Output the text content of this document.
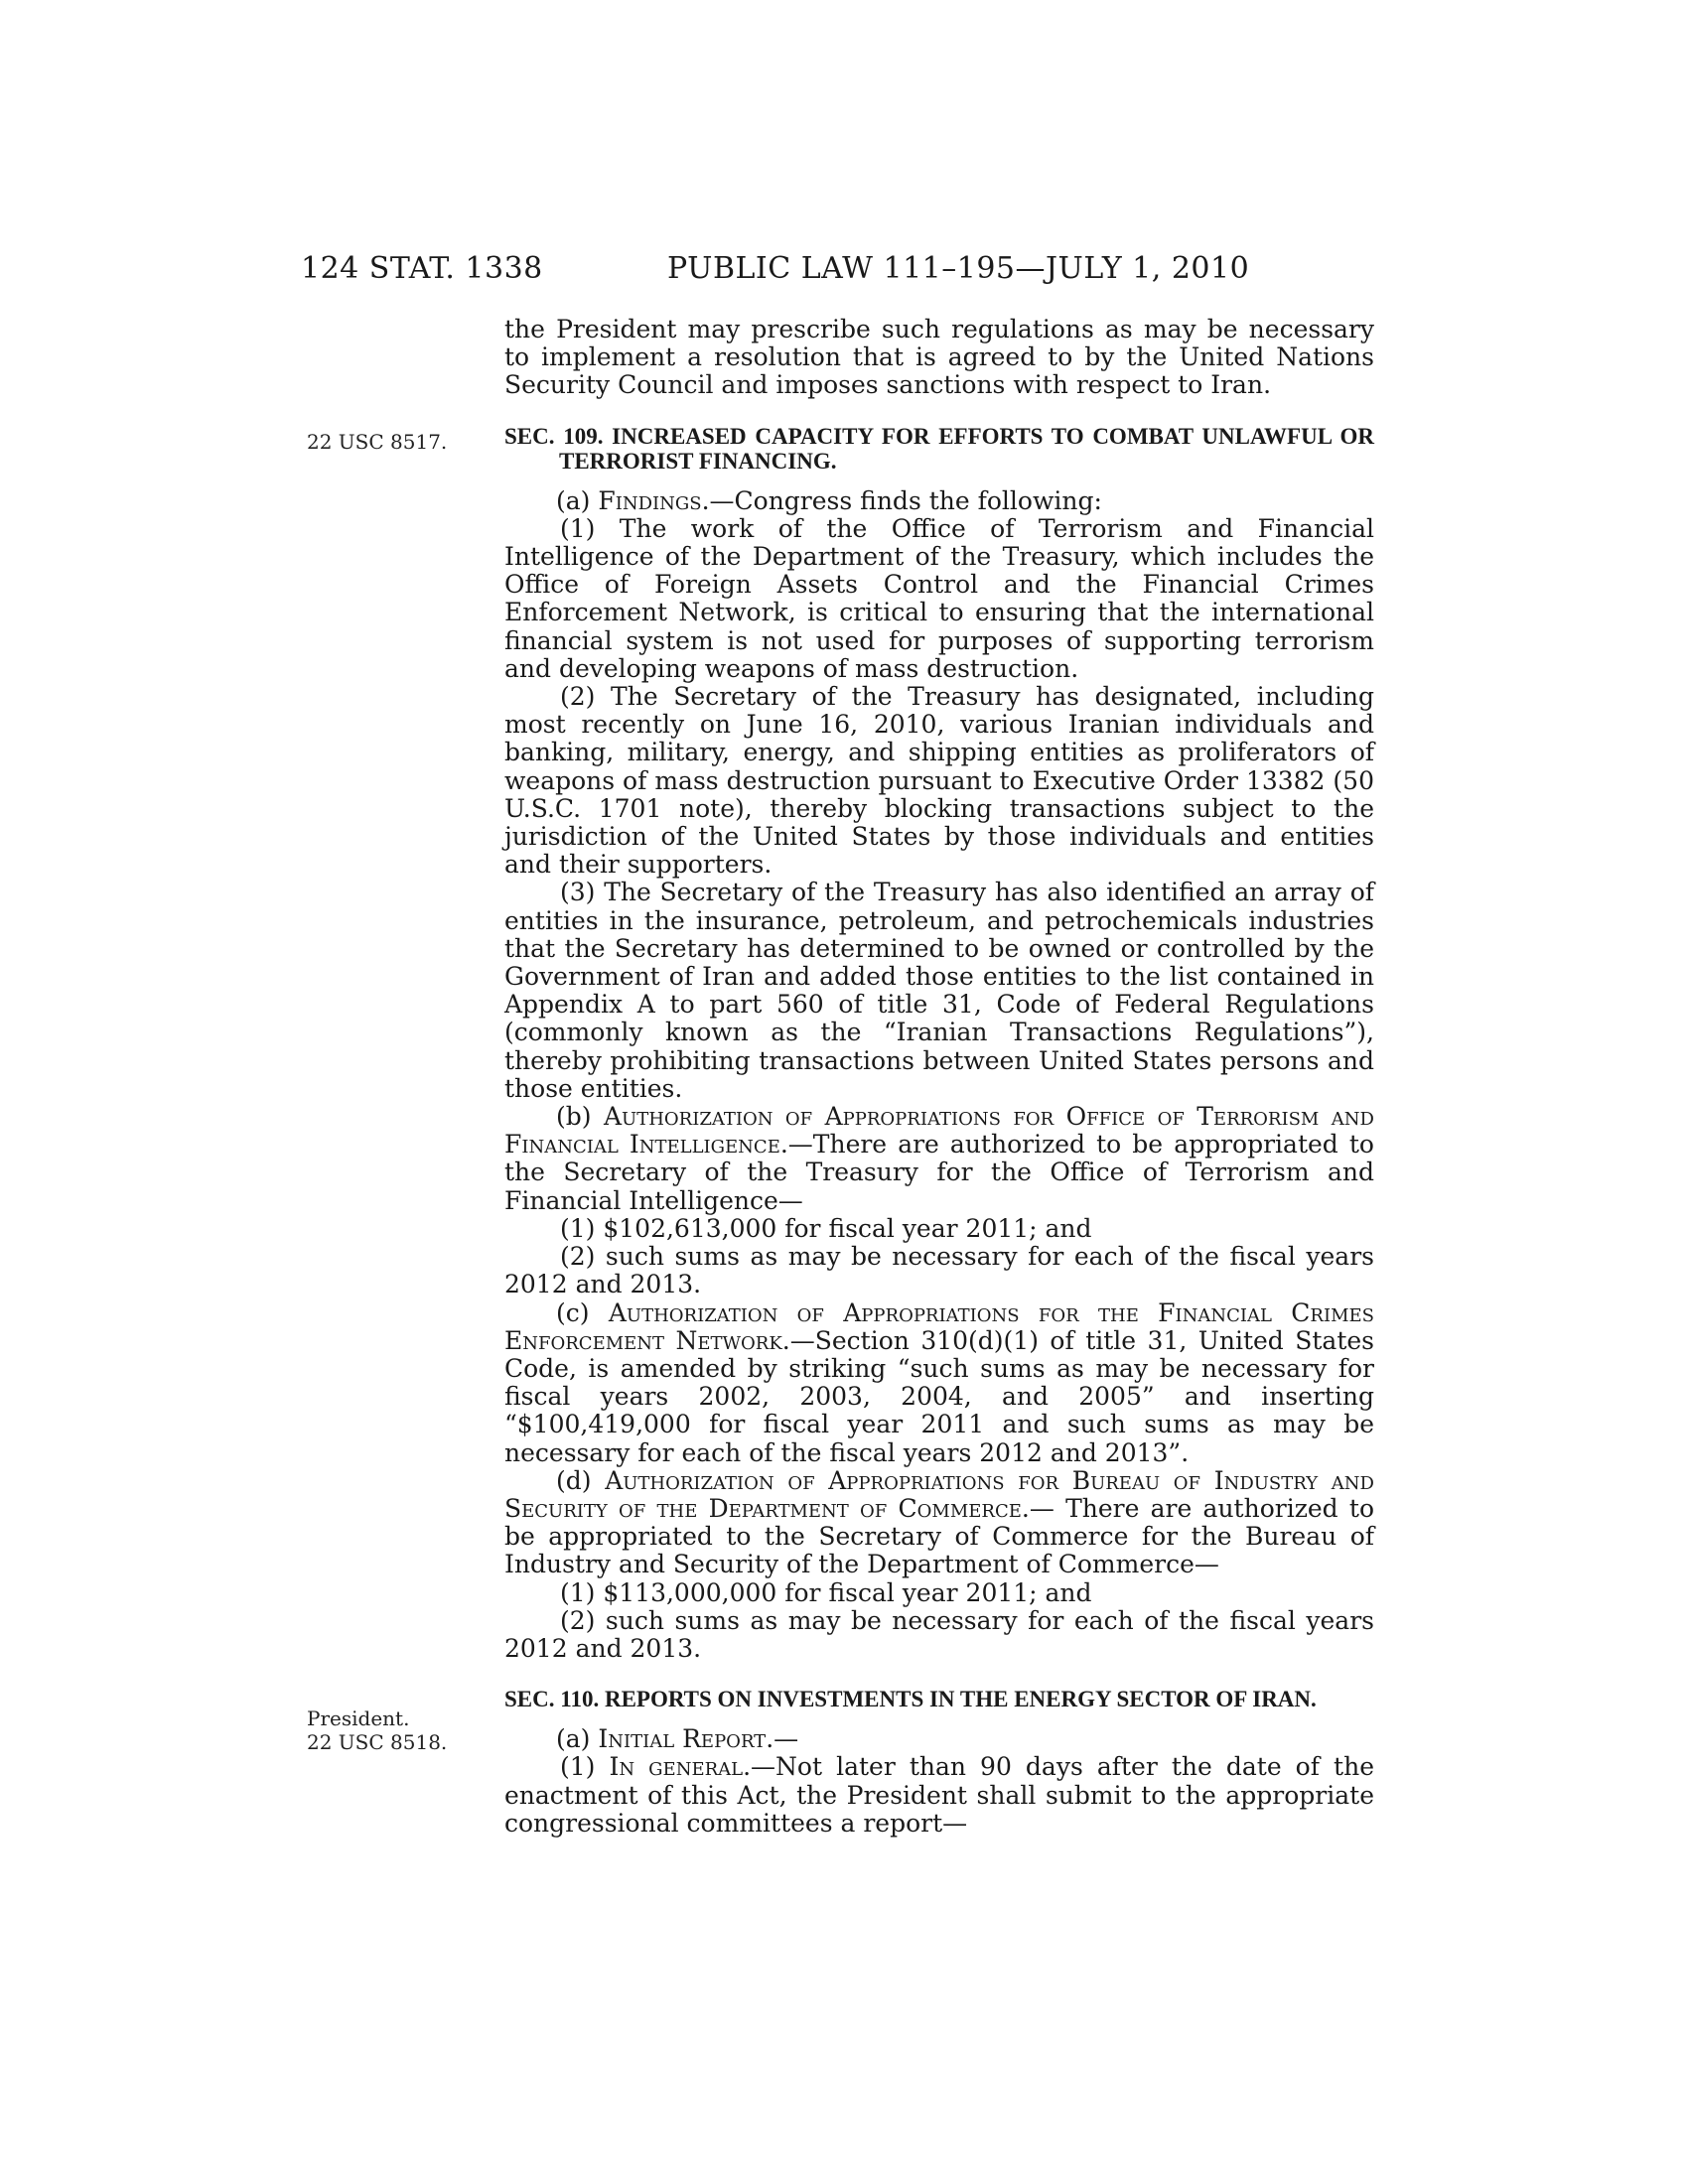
124 STAT. 1338	PUBLIC LAW 111–195—JULY 1, 2010
22 USC 8517.
President.
22 USC 8518.

the President may prescribe such regulations as may be necessary to implement a resolution that is agreed to by the United Nations Security Council and imposes sanctions with respect to Iran.

SEC. 109. INCREASED CAPACITY FOR EFFORTS TO COMBAT UNLAWFUL OR TERRORIST FINANCING.

(a) Findings.—Congress finds the following:

(1) The work of the Office of Terrorism and Financial Intelligence of the Department of the Treasury, which includes the Office of Foreign Assets Control and the Financial Crimes Enforcement Network, is critical to ensuring that the international financial system is not used for purposes of supporting terrorism and developing weapons of mass destruction.

(2) The Secretary of the Treasury has designated, including most recently on June 16, 2010, various Iranian individuals and banking, military, energy, and shipping entities as proliferators of weapons of mass destruction pursuant to Executive Order 13382 (50 U.S.C. 1701 note), thereby blocking transactions subject to the jurisdiction of the United States by those individuals and entities and their supporters.

(3) The Secretary of the Treasury has also identified an array of entities in the insurance, petroleum, and petrochemicals industries that the Secretary has determined to be owned or controlled by the Government of Iran and added those entities to the list contained in Appendix A to part 560 of title 31, Code of Federal Regulations (commonly known as the “Iranian Transactions Regulations”), thereby prohibiting transactions between United States persons and those entities.

(b) Authorization of Appropriations for Office of Terrorism and Financial Intelligence.—There are authorized to be appropriated to the Secretary of the Treasury for the Office of Terrorism and Financial Intelligence—

(1) $102,613,000 for fiscal year 2011; and

(2) such sums as may be necessary for each of the fiscal years 2012 and 2013.

(c) Authorization of Appropriations for the Financial Crimes Enforcement Network.—Section 310(d)(1) of title 31, United States Code, is amended by striking “such sums as may be necessary for fiscal years 2002, 2003, 2004, and 2005” and inserting “$100,419,000 for fiscal year 2011 and such sums as may be necessary for each of the fiscal years 2012 and 2013”.

(d) Authorization of Appropriations for Bureau of Industry and Security of the Department of Commerce.— There are authorized to be appropriated to the Secretary of Commerce for the Bureau of Industry and Security of the Department of Commerce—

(1) $113,000,000 for fiscal year 2011; and

(2) such sums as may be necessary for each of the fiscal years 2012 and 2013.

SEC. 110. REPORTS ON INVESTMENTS IN THE ENERGY SECTOR OF IRAN.

(a) Initial Report.—

(1) In general.—Not later than 90 days after the date of the enactment of this Act, the President shall submit to the appropriate congressional committees a report—
